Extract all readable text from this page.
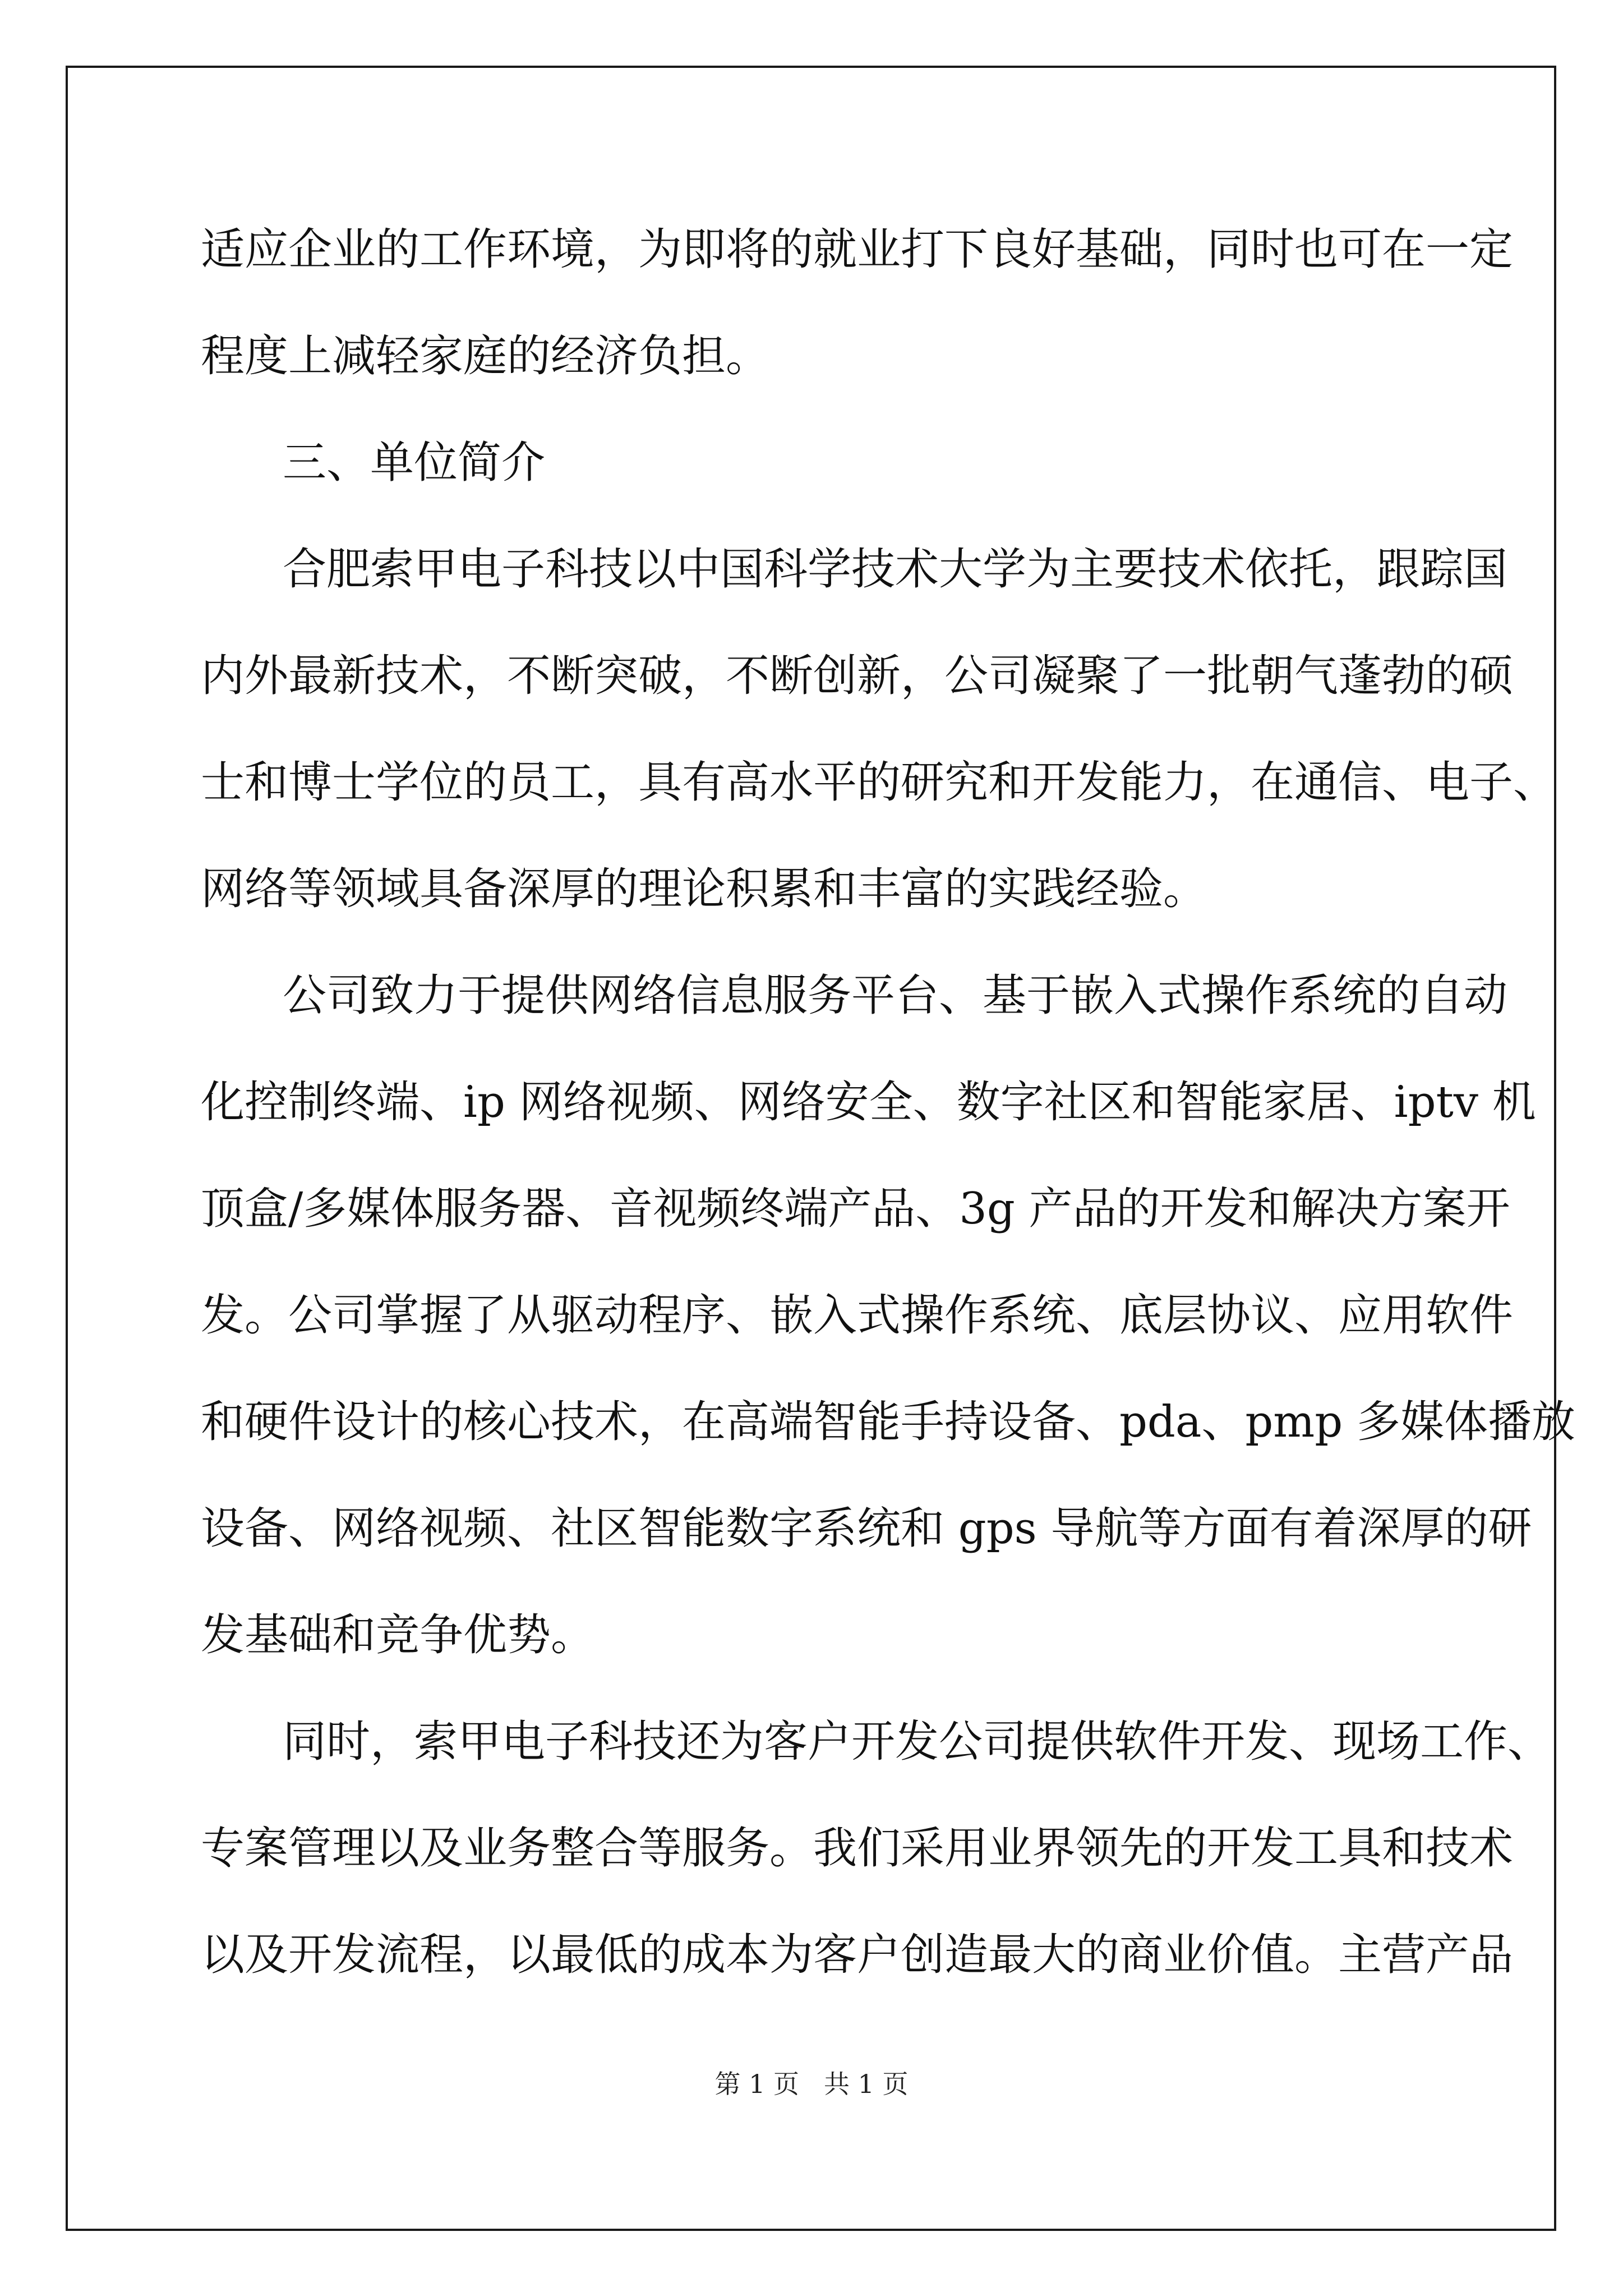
适应企业的工作环境，为即将的就业打下良好基础，同时也可在一定
程度上减轻家庭的经济负担。
三、单位简介
合肥索甲电子科技以中国科学技术大学为主要技术依托，跟踪国
内外最新技术，不断突破，不断创新，公司凝聚了一批朝气蓬勃的硕
士和博士学位的员工，具有高水平的研究和开发能力，在通信、电子、
网络等领域具备深厚的理论积累和丰富的实践经验。
公司致力于提供网络信息服务平台、基于嵌入式操作系统的自动
化控制终端、ip 网络视频、网络安全、数字社区和智能家居、iptv 机
顶盒/多媒体服务器、音视频终端产品、3g 产品的开发和解决方案开
发。公司掌握了从驱动程序、嵌入式操作系统、底层协议、应用软件
和硬件设计的核心技术，在高端智能手持设备、pda、pmp 多媒体播放
设备、网络视频、社区智能数字系统和 gps 导航等方面有着深厚的研
发基础和竞争优势。
同时，索甲电子科技还为客户开发公司提供软件开发、现场工作、
专案管理以及业务整合等服务。我们采用业界领先的开发工具和技术
以及开发流程，以最低的成本为客户创造最大的商业价值。主营产品
第 1 页 共 1 页
